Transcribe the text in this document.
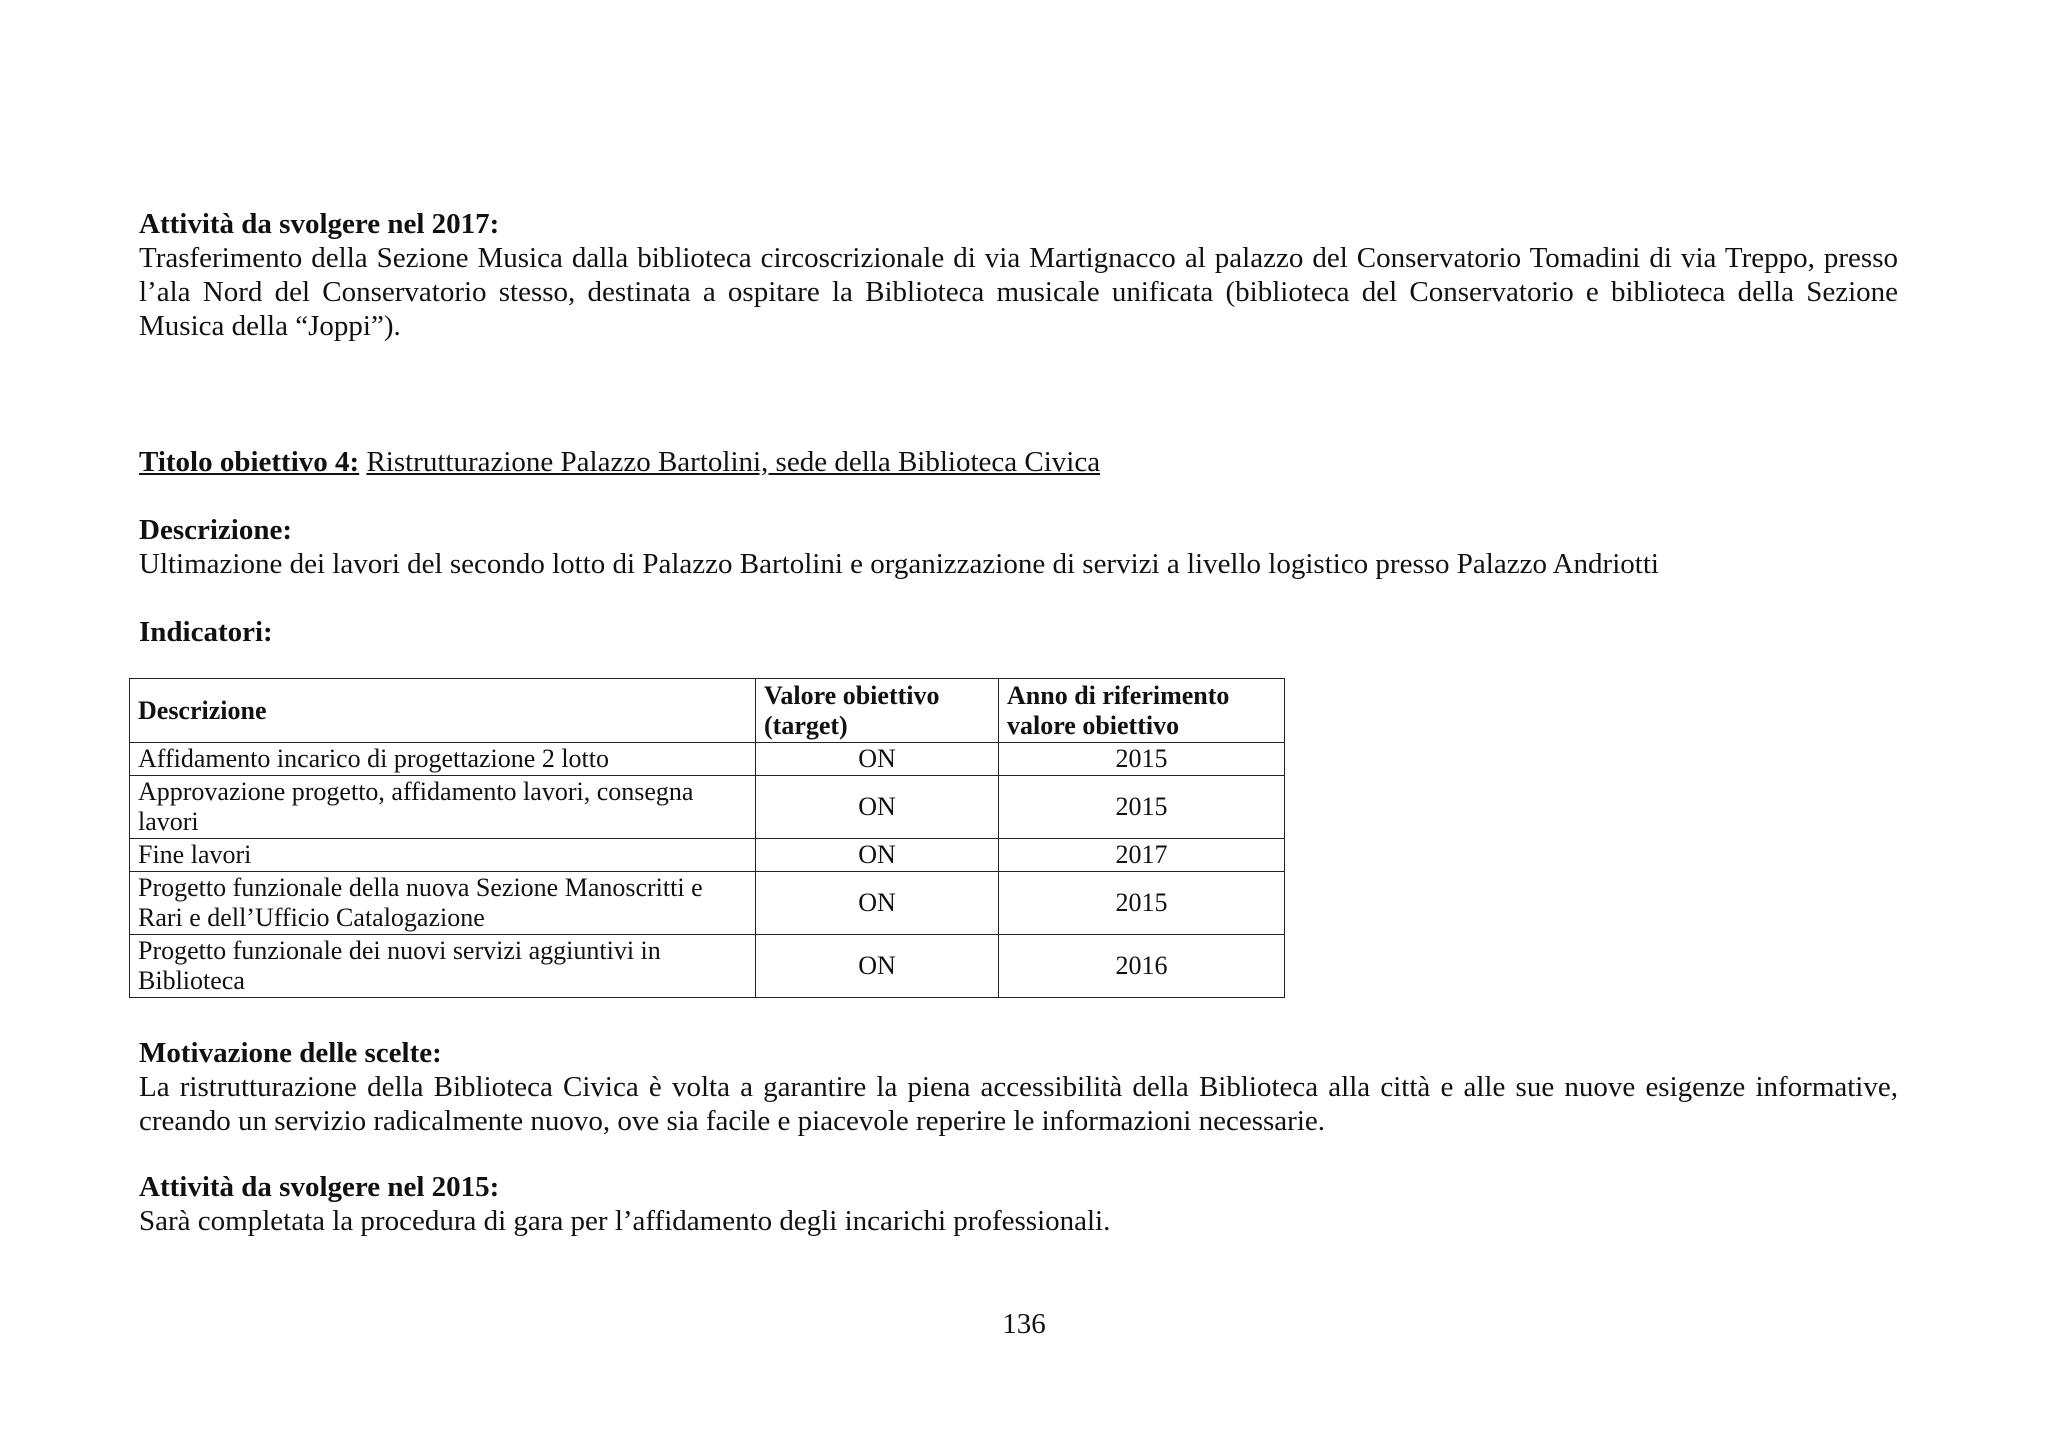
Attività da svolgere nel 2017:
Trasferimento della Sezione Musica dalla biblioteca circoscrizionale di via Martignacco al palazzo del Conservatorio Tomadini di via Treppo, presso l’ala Nord del Conservatorio stesso, destinata a ospitare la Biblioteca musicale unificata (biblioteca del Conservatorio e biblioteca della Sezione Musica della “Joppi”).
Titolo obiettivo 4: Ristrutturazione Palazzo Bartolini, sede della Biblioteca Civica
Descrizione:
Ultimazione dei lavori del secondo lotto di Palazzo Bartolini e organizzazione di servizi a livello logistico presso Palazzo Andriotti
Indicatori:
Descrizione	Valore obiettivo (target)	Anno di riferimento valore obiettivo
Affidamento incarico di progettazione 2 lotto	ON	2015
Approvazione progetto, affidamento lavori, consegna lavori	ON	2015
Fine lavori	ON	2017
Progetto funzionale della nuova Sezione Manoscritti e Rari e dell’Ufficio Catalogazione	ON	2015
Progetto funzionale dei nuovi servizi aggiuntivi in Biblioteca	ON	2016
Motivazione delle scelte:
La ristrutturazione della Biblioteca Civica è volta a garantire la piena accessibilità della Biblioteca alla città e alle sue nuove esigenze informative, creando un servizio radicalmente nuovo, ove sia facile e piacevole reperire le informazioni necessarie.
Attività da svolgere nel 2015:
Sarà completata la procedura di gara per l’affidamento degli incarichi professionali.
136
